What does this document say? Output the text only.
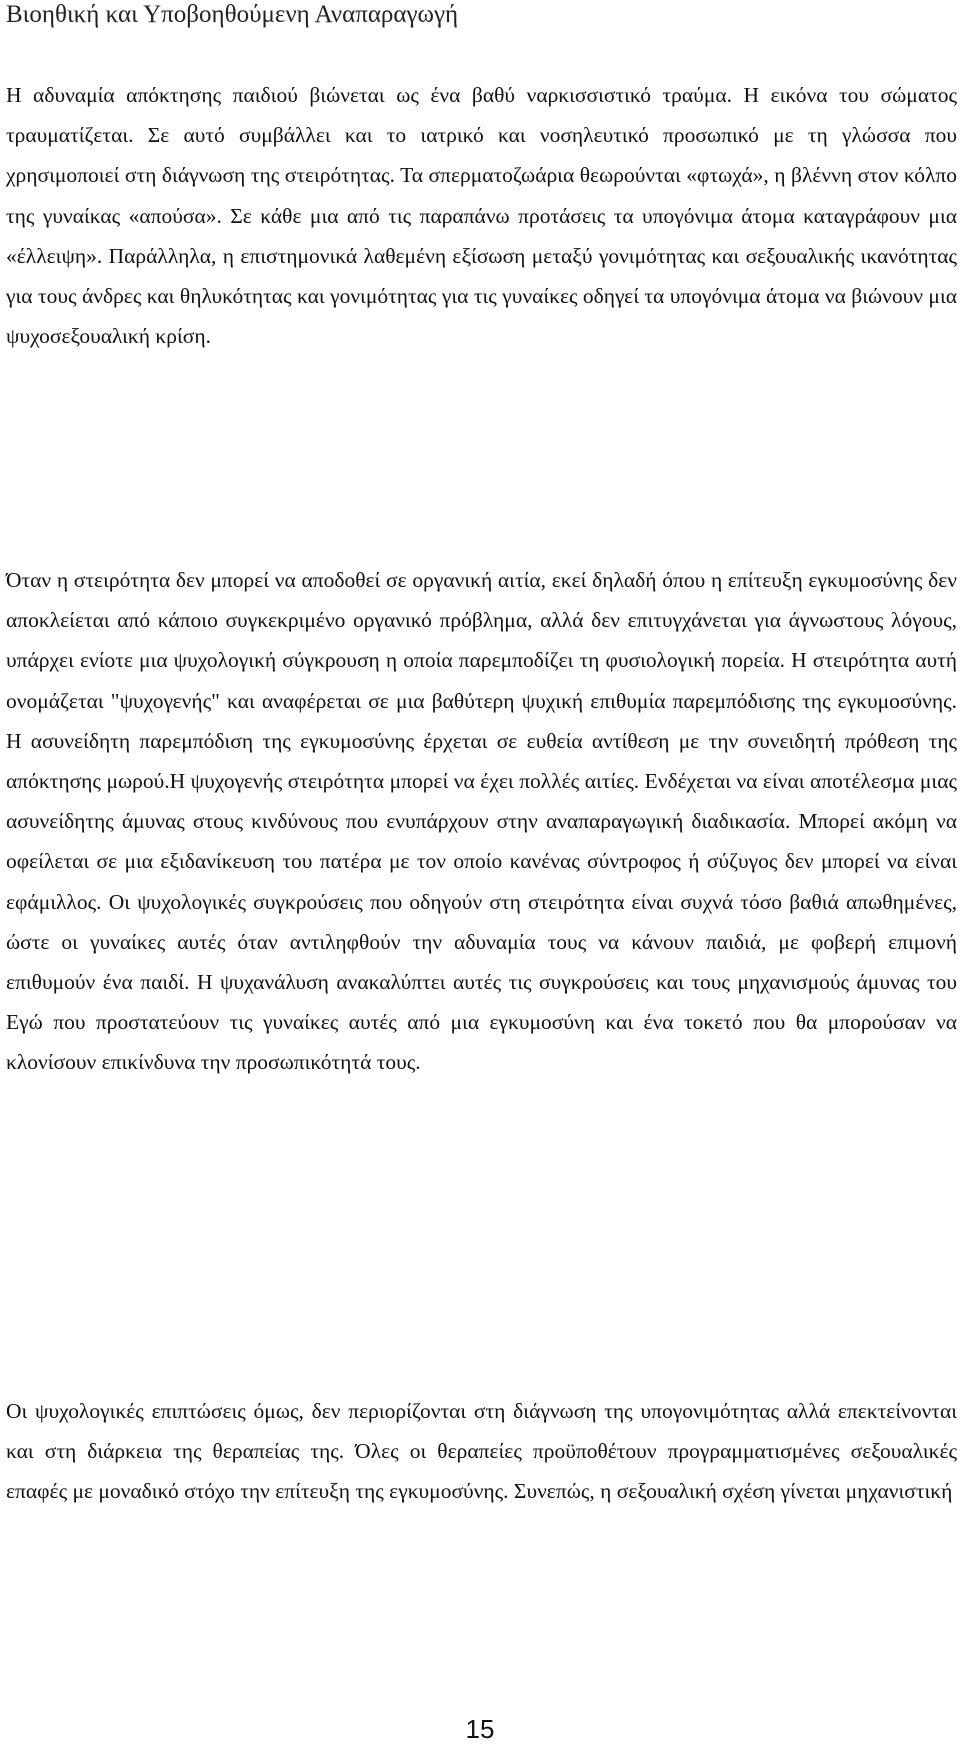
Βιοηθική και Υποβοηθούμενη Αναπαραγωγή

Η αδυναμία απόκτησης παιδιού βιώνεται ως ένα βαθύ ναρκισσιστικό τραύμα. Η εικόνα του σώματος τραυματίζεται. Σε αυτό συμβάλλει και το ιατρικό και νοσηλευτικό προσωπικό με τη γλώσσα που χρησιμοποιεί στη διάγνωση της στειρότητας. Τα σπερματοζωάρια θεωρούνται «φτωχά», η βλέννη στον κόλπο της γυναίκας «απούσα». Σε κάθε μια από τις παραπάνω προτάσεις τα υπογόνιμα άτομα καταγράφουν μια «έλλειψη». Παράλληλα, η επιστημονικά λαθεμένη εξίσωση μεταξύ γονιμότητας και σεξουαλικής ικανότητας για τους άνδρες και θηλυκότητας και γονιμότητας για τις γυναίκες οδηγεί τα υπογόνιμα άτομα να βιώνουν μια ψυχοσεξουαλική κρίση.

Όταν η στειρότητα δεν μπορεί να αποδοθεί σε οργανική αιτία, εκεί δηλαδή όπου η επίτευξη εγκυμοσύνης δεν αποκλείεται από κάποιο συγκεκριμένο οργανικό πρόβλημα, αλλά δεν επιτυγχάνεται για άγνωστους λόγους, υπάρχει ενίοτε μια ψυχολογική σύγκρουση η οποία παρεμποδίζει τη φυσιολογική πορεία. Η στειρότητα αυτή ονομάζεται "ψυχογενής" και αναφέρεται σε μια βαθύτερη ψυχική επιθυμία παρεμπόδισης της εγκυμοσύνης. Η ασυνείδητη παρεμπόδιση της εγκυμοσύνης έρχεται σε ευθεία αντίθεση με την συνειδητή πρόθεση της απόκτησης μωρού.Η ψυχογενής στειρότητα μπορεί να έχει πολλές αιτίες. Ενδέχεται να είναι αποτέλεσμα μιας ασυνείδητης άμυνας στους κινδύνους που ενυπάρχουν στην αναπαραγωγική διαδικασία. Μπορεί ακόμη να οφείλεται σε μια εξιδανίκευση του πατέρα με τον οποίο κανένας σύντροφος ή σύζυγος δεν μπορεί να είναι εφάμιλλος. Οι ψυχολογικές συγκρούσεις που οδηγούν στη στειρότητα είναι συχνά τόσο βαθιά απωθημένες, ώστε οι γυναίκες αυτές όταν αντιληφθούν την αδυναμία τους να κάνουν παιδιά, με φοβερή επιμονή επιθυμούν ένα παιδί. Η ψυχανάλυση ανακαλύπτει αυτές τις συγκρούσεις και τους μηχανισμούς άμυνας του Εγώ που προστατεύουν τις γυναίκες αυτές από μια εγκυμοσύνη και ένα τοκετό που θα μπορούσαν να κλονίσουν επικίνδυνα την προσωπικότητά τους.

Οι ψυχολογικές επιπτώσεις όμως, δεν περιορίζονται στη διάγνωση της υπογονιμότητας αλλά επεκτείνονται και στη διάρκεια της θεραπείας της. Όλες οι θεραπείες προϋποθέτουν προγραμματισμένες σεξουαλικές επαφές με μοναδικό στόχο την επίτευξη της εγκυμοσύνης. Συνεπώς, η σεξουαλική σχέση γίνεται μηχανιστική

15
